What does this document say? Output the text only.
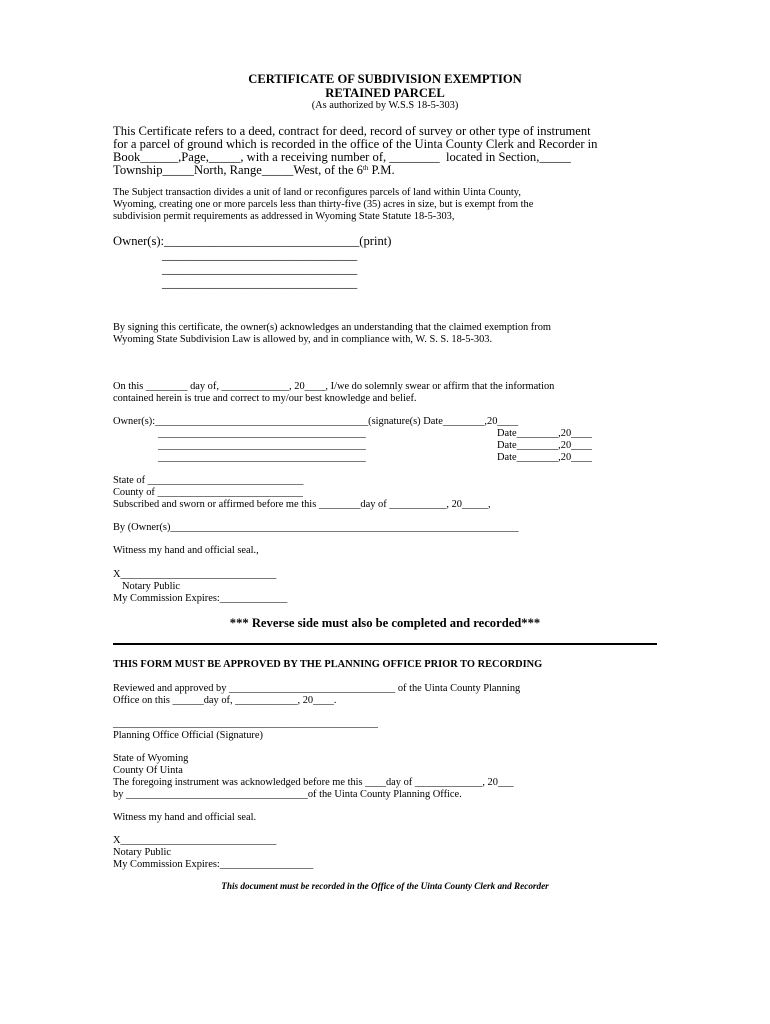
CERTIFICATE OF SUBDIVISION EXEMPTION
RETAINED PARCEL
(As authorized by W.S.S 18-5-303)
This Certificate refers to a deed, contract for deed, record of survey or other type of instrument
for a parcel of ground which is recorded in the office of the Uinta County Clerk and Recorder in
Book______,Page,_____, with a receiving number of, ________  located in Section,_____
Township_____North, Range_____West, of the 6th P.M.
The Subject transaction divides a unit of land or reconfigures parcels of land within Uinta County,
Wyoming, creating one or more parcels less than thirty-five (35) acres in size, but is exempt from the
subdivision permit requirements as addressed in Wyoming State Statute 18-5-303,
Owner(s):_______________________________(print)
_______________________________
_______________________________
_______________________________
By signing this certificate, the owner(s) acknowledges an understanding that the claimed exemption from
Wyoming State Subdivision Law is allowed by, and in compliance with, W. S. S. 18-5-303.
On this ________ day of, _____________, 20____, I/we do solemnly swear or affirm that the information
contained herein is true and correct to my/our best knowledge and belief.
Owner(s):_________________________________________(signature(s) Date________,20____
________________________________________	Date________,20____
________________________________________	Date________,20____
________________________________________	Date________,20____
State of ______________________________
County of ____________________________
Subscribed and sworn or affirmed before me this ________day of ___________, 20_____,
By (Owner(s)___________________________________________________________________
Witness my hand and official seal.,
X______________________________
Notary Public
My Commission Expires:_____________
*** Reverse side must also be completed and recorded***
THIS FORM MUST BE APPROVED BY THE PLANNING OFFICE PRIOR TO RECORDING
Reviewed and approved by ________________________________ of the Uinta County Planning
Office on this ______day of, ____________, 20____.
___________________________________________________
Planning Office Official (Signature)
State of Wyoming
County Of Uinta
The foregoing instrument was acknowledged before me this ____day of _____________, 20___
by ___________________________________of the Uinta County Planning Office.
Witness my hand and official seal.
X______________________________
Notary Public
My Commission Expires:__________________
This document must be recorded in the Office of the Uinta County Clerk and Recorder
